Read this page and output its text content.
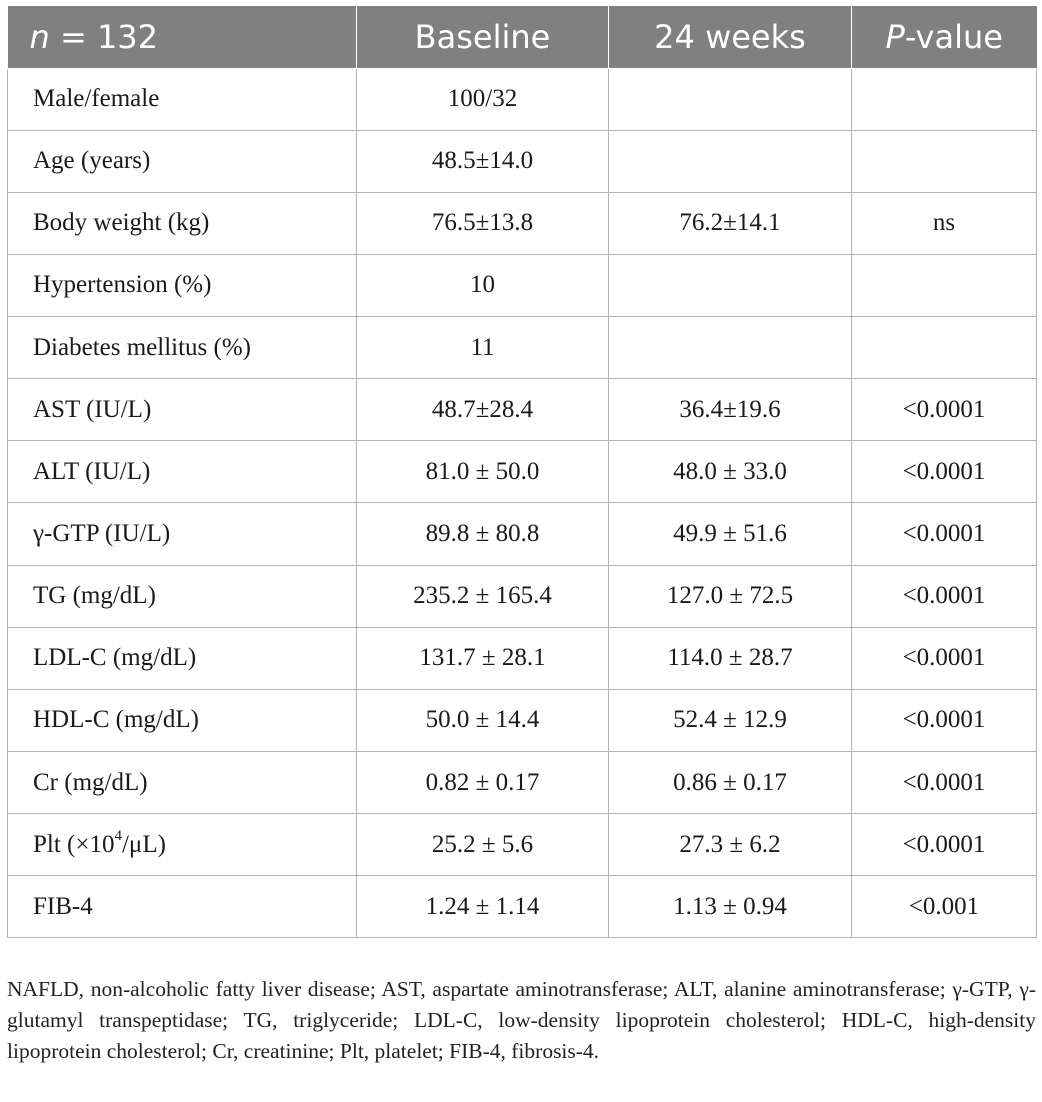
n = 132	Baseline	24 weeks	P-value
Male/female	100/32		
Age (years)	48.5±14.0		
Body weight (kg)	76.5±13.8	76.2±14.1	ns
Hypertension (%)	10		
Diabetes mellitus (%)	11		
AST (IU/L)	48.7±28.4	36.4±19.6	<0.0001
ALT (IU/L)	81.0 ± 50.0	48.0 ± 33.0	<0.0001
γ-GTP (IU/L)	89.8 ± 80.8	49.9 ± 51.6	<0.0001
TG (mg/dL)	235.2 ± 165.4	127.0 ± 72.5	<0.0001
LDL-C (mg/dL)	131.7 ± 28.1	114.0 ± 28.7	<0.0001
HDL-C (mg/dL)	50.0 ± 14.4	52.4 ± 12.9	<0.0001
Cr (mg/dL)	0.82 ± 0.17	0.86 ± 0.17	<0.0001
Plt $(\times 10^4/\mu L)$	25.2 ± 5.6	27.3 ± 6.2	<0.0001
FIB-4	1.24 ± 1.14	1.13 ± 0.94	<0.001

NAFLD, non-alcoholic fatty liver disease; AST, aspartate aminotransferase; ALT, alanine aminotransferase; γ-GTP, γ-glutamyl transpeptidase; TG, triglyceride; LDL-C, low-density lipoprotein cholesterol; HDL-C, high-density lipoprotein cholesterol; Cr, creatinine; Plt, platelet; FIB-4, fibrosis-4.
